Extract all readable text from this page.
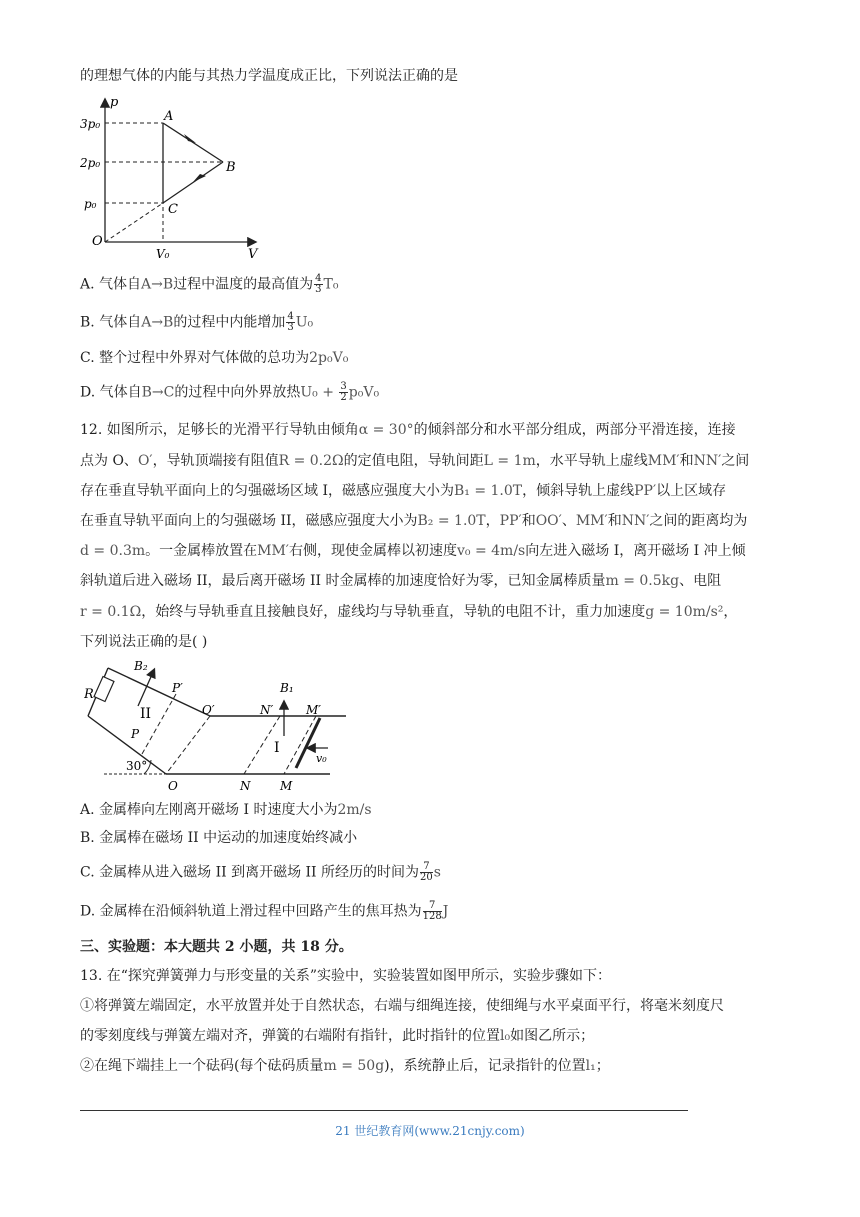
的理想气体的内能与其热力学温度成正比，下列说法正确的是
p
V
O
3p₀
2p₀
p₀
V₀
A
B
C
A. 气体自A→B过程中温度的最高值为 $\frac{4}{3} T_0$
B. 气体自A→B的过程中内能增加 $\frac{4}{3} U_0$
C. 整个过程中外界对气体做的总功为2p₀V₀
D. 气体自B→C的过程中向外界放热$U_0 + \frac{3}{2} p_0V_0$
12. 如图所示，足够长的光滑平行导轨由倾角α = 30°的倾斜部分和水平部分组成，两部分平滑连接，连接
点为 O、O′，导轨顶端接有阻值R = 0.2Ω的定值电阻，导轨间距L = 1m，水平导轨上虚线MM′和NN′之间
存在垂直导轨平面向上的匀强磁场区域 I，磁感应强度大小为B₁ = 1.0T，倾斜导轨上虚线PP′以上区域存
在垂直导轨平面向上的匀强磁场 II，磁感应强度大小为B₂ = 1.0T，PP′和OO′、MM′和NN′之间的距离均为
d = 0.3m。一金属棒放置在MM′右侧，现使金属棒以初速度v₀ = 4m/s向左进入磁场 I，离开磁场 I 冲上倾
斜轨道后进入磁场 II，最后离开磁场 II 时金属棒的加速度恰好为零，已知金属棒质量m = 0.5kg、电阻
r = 0.1Ω，始终与导轨垂直且接触良好，虚线均与导轨垂直，导轨的电阻不计，重力加速度g = 10m/s²，
下列说法正确的是( )
R
B₂
P′
II	O′
P
30°
O
N′
B₁
M′
I
v₀
N M
A. 金属棒向左刚离开磁场 I 时速度大小为2m/s
B. 金属棒在磁场 II 中运动的加速度始终减小
C. 金属棒从进入磁场 II 到离开磁场 II 所经历的时间为 $\frac{7}{20}$ s
D. 金属棒在沿倾斜轨道上滑过程中回路产生的焦耳热为 $\frac{7}{128}$ J
三、实验题：本大题共 2 小题，共 18 分。
13. 在“探究弹簧弹力与形变量的关系”实验中，实验装置如图甲所示，实验步骤如下：
①将弹簧左端固定，水平放置并处于自然状态，右端与细绳连接，使细绳与水平桌面平行，将毫米刻度尺
的零刻度线与弹簧左端对齐，弹簧的右端附有指针，此时指针的位置l₀如图乙所示；
②在绳下端挂上一个砝码(每个砝码质量m = 50g)，系统静止后，记录指针的位置l₁；
21 世纪教育网(www.21cnjy.com)
